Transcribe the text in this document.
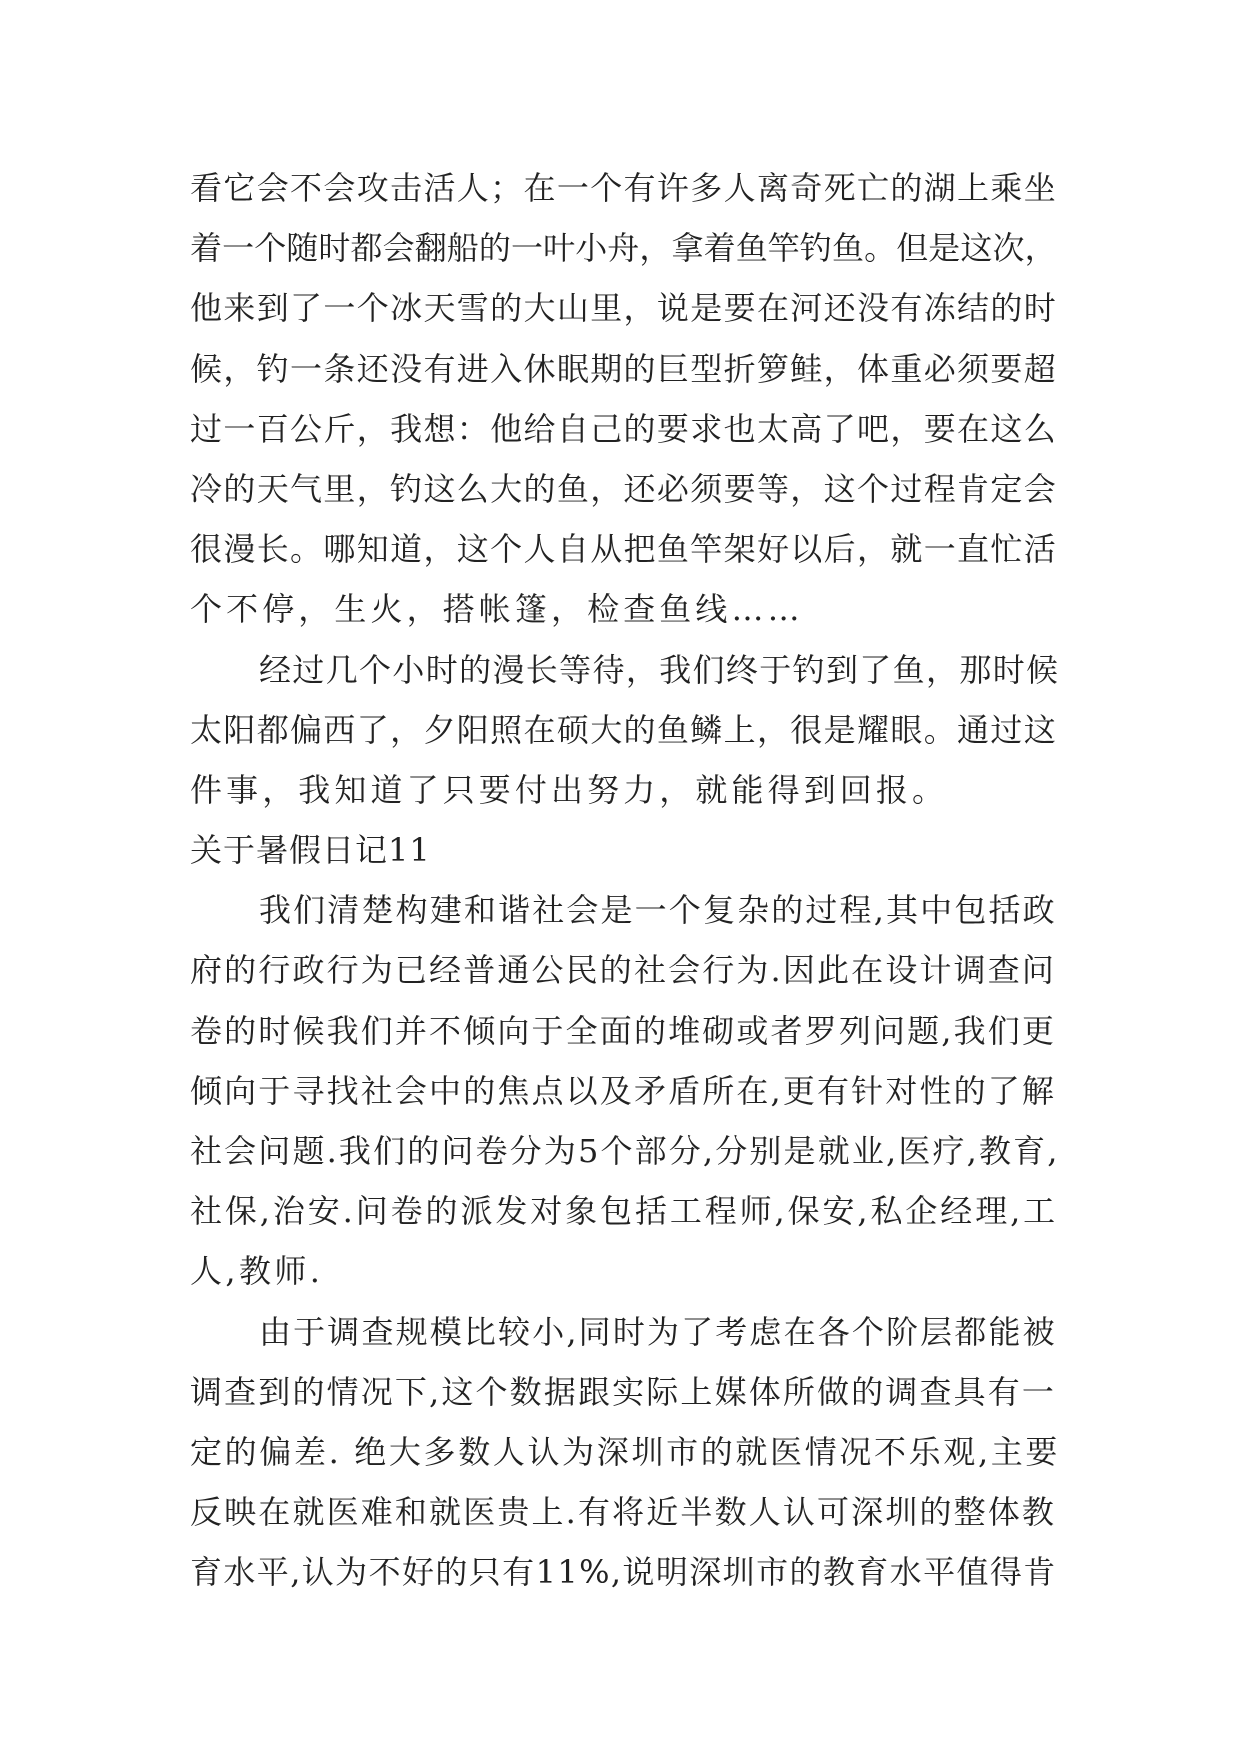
看它会不会攻击活人；在一个有许多人离奇死亡的湖上乘坐
着一个随时都会翻船的一叶小舟，拿着鱼竿钓鱼。但是这次，
他来到了一个冰天雪的大山里，说是要在河还没有冻结的时
候，钓一条还没有进入休眠期的巨型折箩鲑，体重必须要超
过一百公斤，我想：他给自己的要求也太高了吧，要在这么
冷的天气里，钓这么大的鱼，还必须要等，这个过程肯定会
很漫长。哪知道，这个人自从把鱼竿架好以后，就一直忙活
个不停，生火，搭帐篷，检查鱼线……
经过几个小时的漫长等待，我们终于钓到了鱼，那时候
太阳都偏西了，夕阳照在硕大的鱼鳞上，很是耀眼。通过这
件事，我知道了只要付出努力，就能得到回报。
关于暑假日记11
我们清楚构建和谐社会是一个复杂的过程,其中包括政
府的行政行为已经普通公民的社会行为.因此在设计调查问
卷的时候我们并不倾向于全面的堆砌或者罗列问题,我们更
倾向于寻找社会中的焦点以及矛盾所在,更有针对性的了解
社会问题.我们的问卷分为5个部分,分别是就业,医疗,教育,
社保,治安.问卷的派发对象包括工程师,保安,私企经理,工
人,教师.
由于调查规模比较小,同时为了考虑在各个阶层都能被
调查到的情况下,这个数据跟实际上媒体所做的调查具有一
定的偏差. 绝大多数人认为深圳市的就医情况不乐观,主要
反映在就医难和就医贵上.有将近半数人认可深圳的整体教
育水平,认为不好的只有11%,说明深圳市的教育水平值得肯
